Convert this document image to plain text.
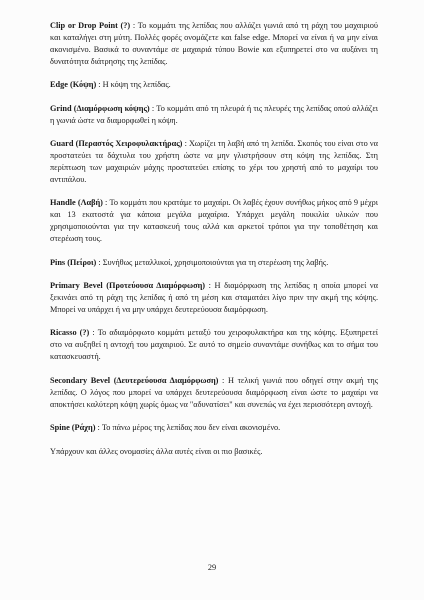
Clip or Drop Point (?) : Το κομμάτι της λεπίδας που αλλάζει γωνιά από τη ράχη του μαχαιριού και καταλήγει στη μύτη. Πολλές φορές ονομάζετε και false edge. Μπορεί να είναι ή να μην είναι ακονισμένο. Βασικά το συναντάμε σε μαχαιριά τύπου Bowie και εξυπηρετεί στο να αυξάνει τη δυνατότητα διάτρησης της λεπίδας.

Edge (Κόψη) : Η κόψη της λεπίδας.

Grind (Διαμόρφωση κόψης) : Το κομμάτι από τη πλευρά ή τις πλευρές της λεπίδας οπού αλλάζει η γωνιά ώστε να διαμορφωθεί η κόψη.

Guard (Περαστός Χειροφυλακτήρας) : Χωρίζει τη λαβή από τη λεπίδα. Σκοπός του είναι στο να προστατεύει τα δάχτυλα του χρήστη ώστε να μην γλιστρήσουν στη κόψη της λεπίδας. Στη περίπτωση των μαχαιριών μάχης προστατεύει επίσης το χέρι του χρηστή από το μαχαίρι του αντιπάλου.

Handle (Λαβή) : Το κομμάτι που κρατάμε το μαχαίρι. Οι λαβές έχουν συνήθως μήκος από 9 μέχρι και 13 εκατοστά για κάποια μεγάλα μαχαίρια. Υπάρχει μεγάλη ποικιλία υλικών που χρησιμοποιούνται για την κατασκευή τους αλλά και αρκετοί τρόποι για την τοποθέτηση και στερέωση τους.

Pins (Πείροι) : Συνήθως μεταλλικοί, χρησιμοποιούνται για τη στερέωση της λαβής.

Primary Bevel (Προτεύουσα Διαμόρφωση) : Η διαμόρφωση της λεπίδας η οποία μπορεί να ξεκινάει από τη ράχη της λεπίδας ή από τη μέση και σταματάει λίγο πριν την ακμή της κόψης. Μπορεί να υπάρχει ή να μην υπάρχει δευτερεύουσα διαμόρφωση.

Ricasso (?) : Το αδιαμόρφωτο κομμάτι μεταξύ του χειροφυλακτήρα και της κόψης. Εξυπηρετεί στο να αυξηθεί η αντοχή του μαχαιριού. Σε αυτό το σημείο συναντάμε συνήθως και το σήμα του κατασκευαστή.

Secondary Bevel (Δευτερεύουσα Διαμόρφωση) : Η τελική γωνιά που οδηγεί στην ακμή της λεπίδας. Ο λόγος που μπορεί να υπάρχει δευτερεύουσα διαμόρφωση είναι ώστε το μαχαίρι να αποκτήσει καλύτερη κόψη χωρίς όμως να "αδυνατίσει" και συνεπώς να έχει περισσότερη αντοχή.

Spine (Ράχη) : Το πάνω μέρος της λεπίδας που δεν είναι ακονισμένο.

Υπάρχουν και άλλες ονομασίες άλλα αυτές είναι οι πιο βασικές.

29
